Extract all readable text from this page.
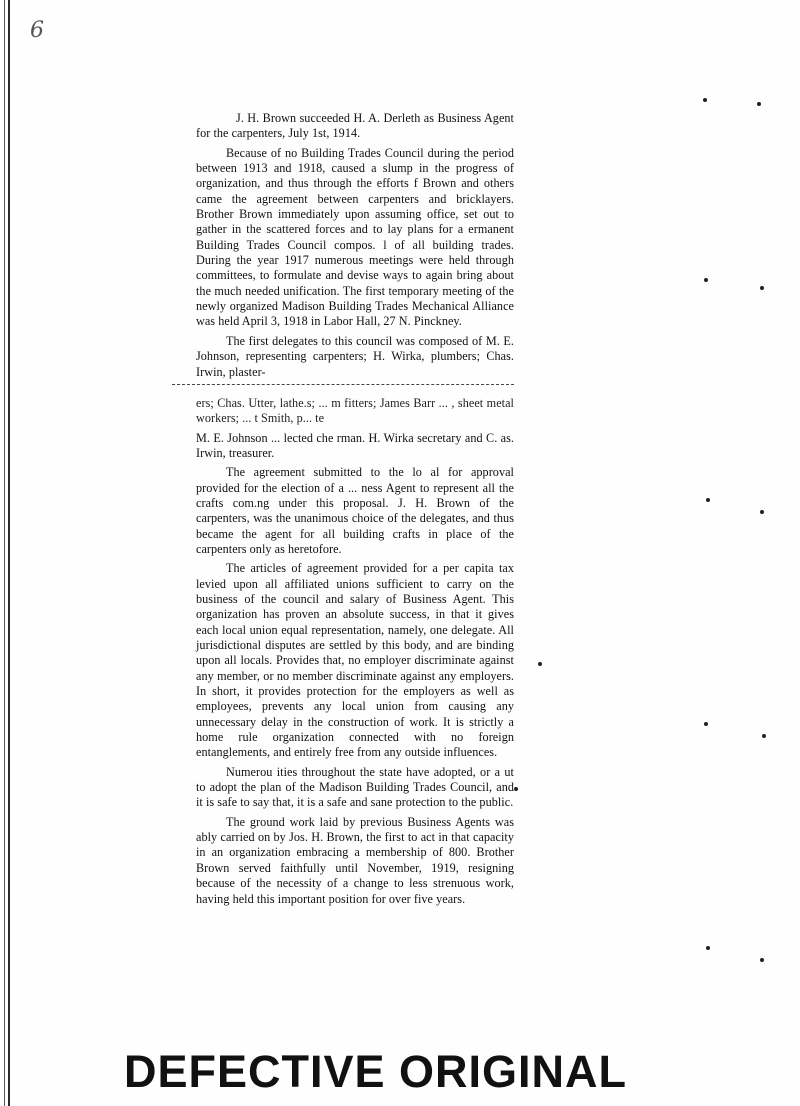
6

J. H. Brown succeeded H. A. Derleth as Business Agent for the carpenters, July 1st, 1914.

Because of no Building Trades Council during the period between 1913 and 1918, caused a slump in the progress of organization, and thus through the efforts f Brown and others came the agreement between carpenters and bricklayers. Brother Brown immediately upon assuming office, set out to gather in the scattered forces and to lay plans for a ermanent Building Trades Council compos. l of all building trades. During the year 1917 numerous meetings were held through committees, to formulate and devise ways to again bring about the much needed unification. The first temporary meeting of the newly organized Madison Building Trades Mechanical Alliance was held April 3, 1918 in Labor Hall, 27 N. Pinckney.

The first delegates to this council was composed of M. E. Johnson, representing carpenters; H. Wirka, plumbers; Chas. Irwin, plaster-

ers; Chas. Utter, lathe.s; ... m fitters; James Barr ... , sheet metal workers; ... t Smith, p... te

M. E. Johnson ... lected che rman. H. Wirka secretary and C. as. Irwin, treasurer.

The agreement submitted to the lo al for approval provided for the election of a ... ness Agent to represent all the crafts com.ng under this proposal. J. H. Brown of the carpenters, was the unanimous choice of the delegates, and thus became the agent for all building crafts in place of the carpenters only as heretofore.

The articles of agreement provided for a per capita tax levied upon all affiliated unions sufficient to carry on the business of the council and salary of Business Agent. This organization has proven an absolute success, in that it gives each local union equal representation, namely, one delegate. All jurisdictional disputes are settled by this body, and are binding upon all locals. Provides that, no employer discriminate against any member, or no member discriminate against any employers. In short, it provides protection for the employers as well as employees, prevents any local union from causing any unnecessary delay in the construction of work. It is strictly a home rule organization connected with no foreign entanglements, and entirely free from any outside influences.

Numerou ities throughout the state have adopted, or a ut to adopt the plan of the Madison Building Trades Council, and it is safe to say that, it is a safe and sane protection to the public.

The ground work laid by previous Business Agents was ably carried on by Jos. H. Brown, the first to act in that capacity in an organization embracing a membership of 800. Brother Brown served faithfully until November, 1919, resigning because of the necessity of a change to less strenuous work, having held this important position for over five years.

DEFECTIVE ORIGINAL
